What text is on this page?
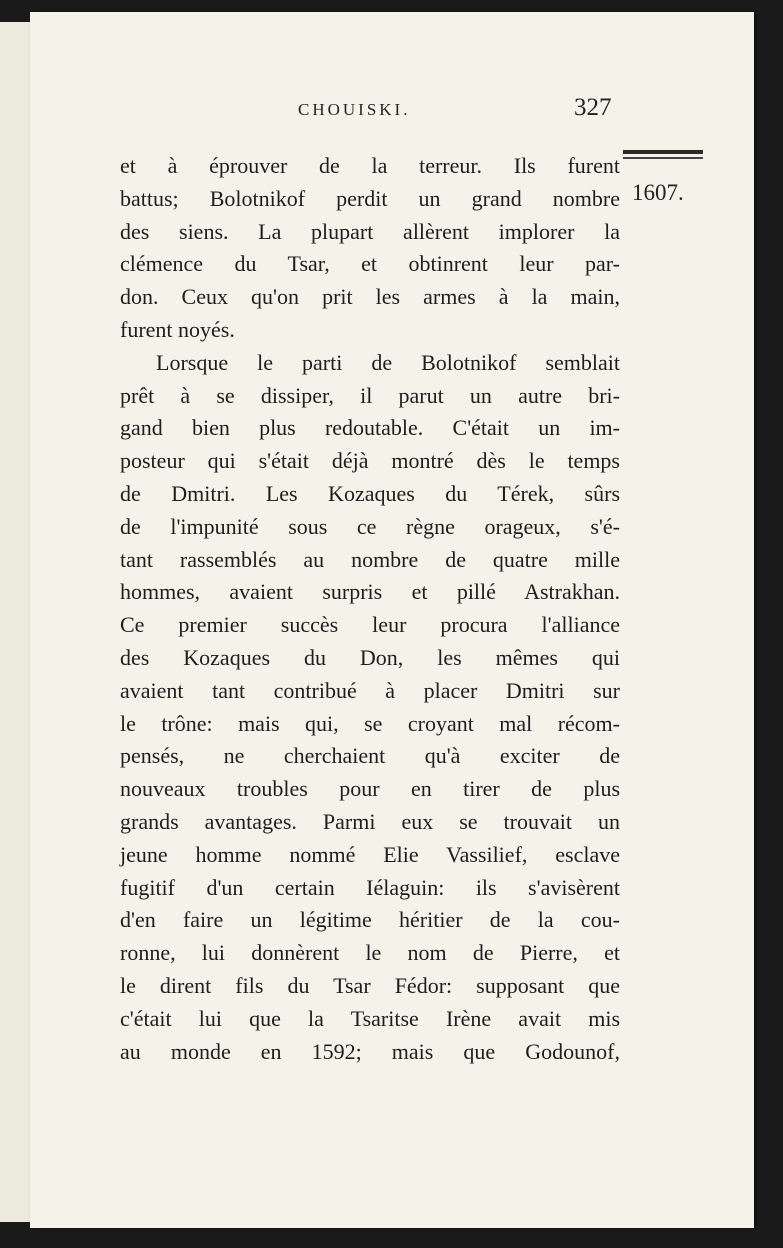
CHOUISKI.	327
1607.
et à éprouver de la terreur. Ils furent
battus; Bolotnikof perdit un grand nombre
des siens. La plupart allèrent implorer la
clémence du Tsar, et obtinrent leur par-
don. Ceux qu'on prit les armes à la main,
furent noyés.
Lorsque le parti de Bolotnikof semblait
prêt à se dissiper, il parut un autre bri-
gand bien plus redoutable. C'était un im-
posteur qui s'était déjà montré dès le temps
de Dmitri. Les Kozaques du Térek, sûrs
de l'impunité sous ce règne orageux, s'é-
tant rassemblés au nombre de quatre mille
hommes, avaient surpris et pillé Astrakhan.
Ce premier succès leur procura l'alliance
des Kozaques du Don, les mêmes qui
avaient tant contribué à placer Dmitri sur
le trône: mais qui, se croyant mal récom-
pensés, ne cherchaient qu'à exciter de
nouveaux troubles pour en tirer de plus
grands avantages. Parmi eux se trouvait un
jeune homme nommé Elie Vassilief, esclave
fugitif d'un certain Iélaguin: ils s'avisèrent
d'en faire un légitime héritier de la cou-
ronne, lui donnèrent le nom de Pierre, et
le dirent fils du Tsar Fédor: supposant que
c'était lui que la Tsaritse Irène avait mis
au monde en 1592; mais que Godounof,
